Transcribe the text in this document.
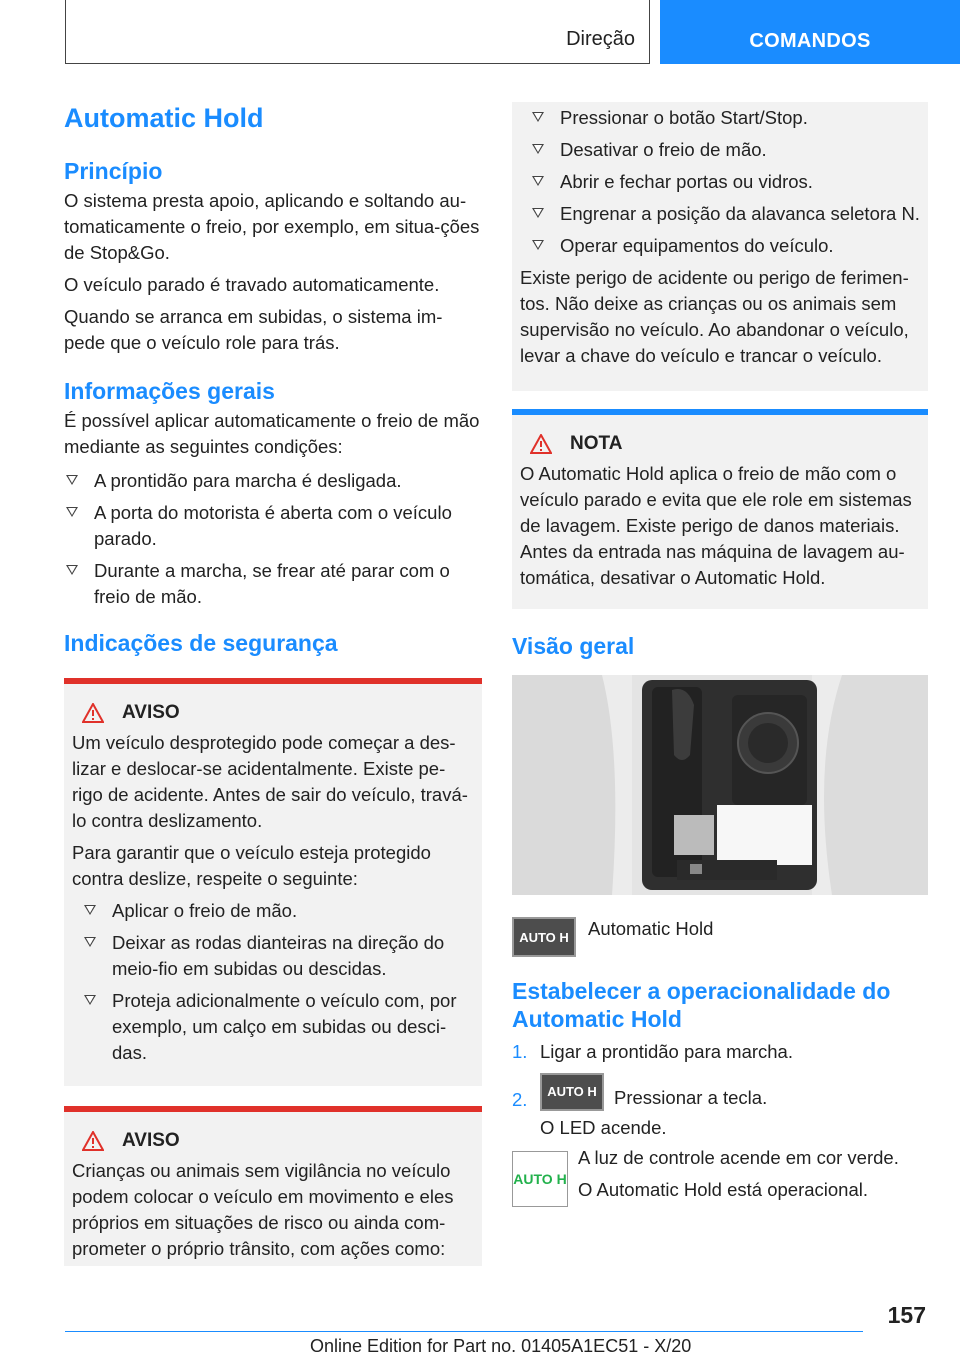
Direção	COMANDOS
Automatic Hold
Princípio

O sistema presta apoio, aplicando e soltando au-tomaticamente o freio, por exemplo, em situa-ções de Stop&Go.

O veículo parado é travado automaticamente.

Quando se arranca em subidas, o sistema im-pede que o veículo role para trás.

Informações gerais

É possível aplicar automaticamente o freio de mão mediante as seguintes condições:

A prontidão para marcha é desligada.
A porta do motorista é aberta com o veículo parado.
Durante a marcha, se frear até parar com o freio de mão.
Indicações de segurança
AVISO

Um veículo desprotegido pode começar a des-lizar e deslocar-se acidentalmente. Existe pe-rigo de acidente. Antes de sair do veículo, travá-lo contra deslizamento.

Para garantir que o veículo esteja protegido contra deslize, respeite o seguinte:

Aplicar o freio de mão.
Deixar as rodas dianteiras na direção do meio-fio em subidas ou descidas.
Proteja adicionalmente o veículo com, por exemplo, um calço em subidas ou desci-das.
AVISO

Crianças ou animais sem vigilância no veículo podem colocar o veículo em movimento e eles próprios em situações de risco ou ainda com-prometer o próprio trânsito, com ações como:

Pressionar o botão Start/Stop.
Desativar o freio de mão.
Abrir e fechar portas ou vidros.
Engrenar a posição da alavanca seletora N.
Operar equipamentos do veículo.

Existe perigo de acidente ou perigo de ferimen-tos. Não deixe as crianças ou os animais sem supervisão no veículo. Ao abandonar o veículo, levar a chave do veículo e trancar o veículo.

NOTA

O Automatic Hold aplica o freio de mão com o veículo parado e evita que ele role em sistemas de lavagem. Existe perigo de danos materiais. Antes da entrada nas máquina de lavagem au-tomática, desativar o Automatic Hold.

Visão geral
AUTO H	Automatic Hold
Estabelecer a operacionalidade do Automatic Hold
1. Ligar a prontidão para marcha.
2.	AUTO H Pressionar a tecla.

O LED acende.

AUTO H

A luz de controle acende em cor verde.

O Automatic Hold está operacional.

157
Online Edition for Part no. 01405A1EC51 - X/20
